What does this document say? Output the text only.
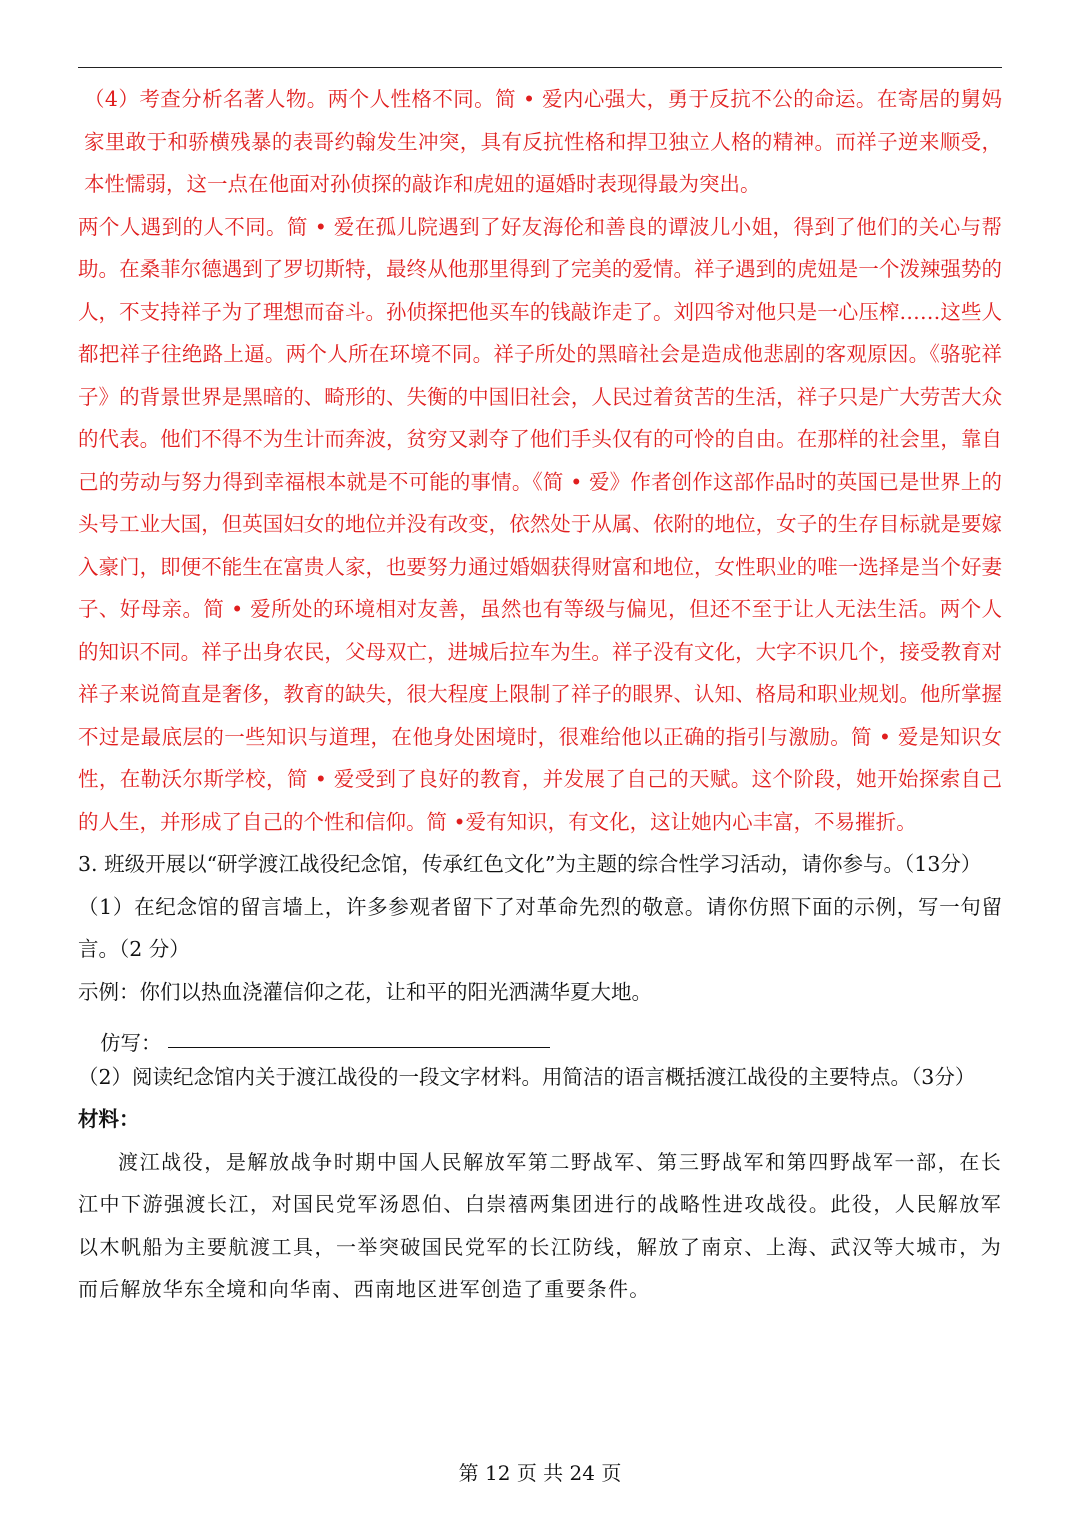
（4）考查分析名著人物。两个人性格不同。简 • 爱内心强大，勇于反抗不公的命运。在寄居的舅妈家里敢于和骄横残暴的表哥约翰发生冲突，具有反抗性格和捍卫独立人格的精神。而祥子逆来顺受，本性懦弱，这一点在他面对孙侦探的敲诈和虎妞的逼婚时表现得最为突出。

两个人遇到的人不同。简 • 爱在孤儿院遇到了好友海伦和善良的谭波儿小姐，得到了他们的关心与帮助。在桑菲尔德遇到了罗切斯特，最终从他那里得到了完美的爱情。祥子遇到的虎妞是一个泼辣强势的人，不支持祥子为了理想而奋斗。孙侦探把他买车的钱敲诈走了。刘四爷对他只是一心压榨……这些人都把祥子往绝路上逼。两个人所在环境不同。祥子所处的黑暗社会是造成他悲剧的客观原因。《骆驼祥子》的背景世界是黑暗的、畸形的、失衡的中国旧社会，人民过着贫苦的生活，祥子只是广大劳苦大众的代表。他们不得不为生计而奔波，贫穷又剥夺了他们手头仅有的可怜的自由。在那样的社会里，靠自己的劳动与努力得到幸福根本就是不可能的事情。《简 • 爱》作者创作这部作品时的英国已是世界上的头号工业大国，但英国妇女的地位并没有改变，依然处于从属、依附的地位，女子的生存目标就是要嫁入豪门，即便不能生在富贵人家，也要努力通过婚姻获得财富和地位，女性职业的唯一选择是当个好妻子、好母亲。简 • 爱所处的环境相对友善，虽然也有等级与偏见，但还不至于让人无法生活。两个人的知识不同。祥子出身农民，父母双亡，进城后拉车为生。祥子没有文化，大字不识几个，接受教育对祥子来说简直是奢侈，教育的缺失，很大程度上限制了祥子的眼界、认知、格局和职业规划。他所掌握不过是最底层的一些知识与道理，在他身处困境时，很难给他以正确的指引与激励。简 • 爱是知识女性，在勒沃尔斯学校，简 • 爱受到了良好的教育，并发展了自己的天赋。这个阶段，她开始探索自己的人生，并形成了自己的个性和信仰。简 •爱有知识，有文化，这让她内心丰富，不易摧折。

3. 班级开展以“研学渡江战役纪念馆，传承红色文化”为主题的综合性学习活动，请你参与。（13分）

（1）在纪念馆的留言墙上，许多参观者留下了对革命先烈的敬意。请你仿照下面的示例，写一句留言。（2 分）

示例：你们以热血浇灌信仰之花，让和平的阳光洒满华夏大地。

仿写：

（2）阅读纪念馆内关于渡江战役的一段文字材料。用简洁的语言概括渡江战役的主要特点。（3分）

材料：

渡江战役，是解放战争时期中国人民解放军第二野战军、第三野战军和第四野战军一部，在长江中下游强渡长江，对国民党军汤恩伯、白崇禧两集团进行的战略性进攻战役。此役，人民解放军以木帆船为主要航渡工具，一举突破国民党军的长江防线，解放了南京、上海、武汉等大城市，为而后解放华东全境和向华南、西南地区进军创造了重要条件。

第 12 页 共 24 页
